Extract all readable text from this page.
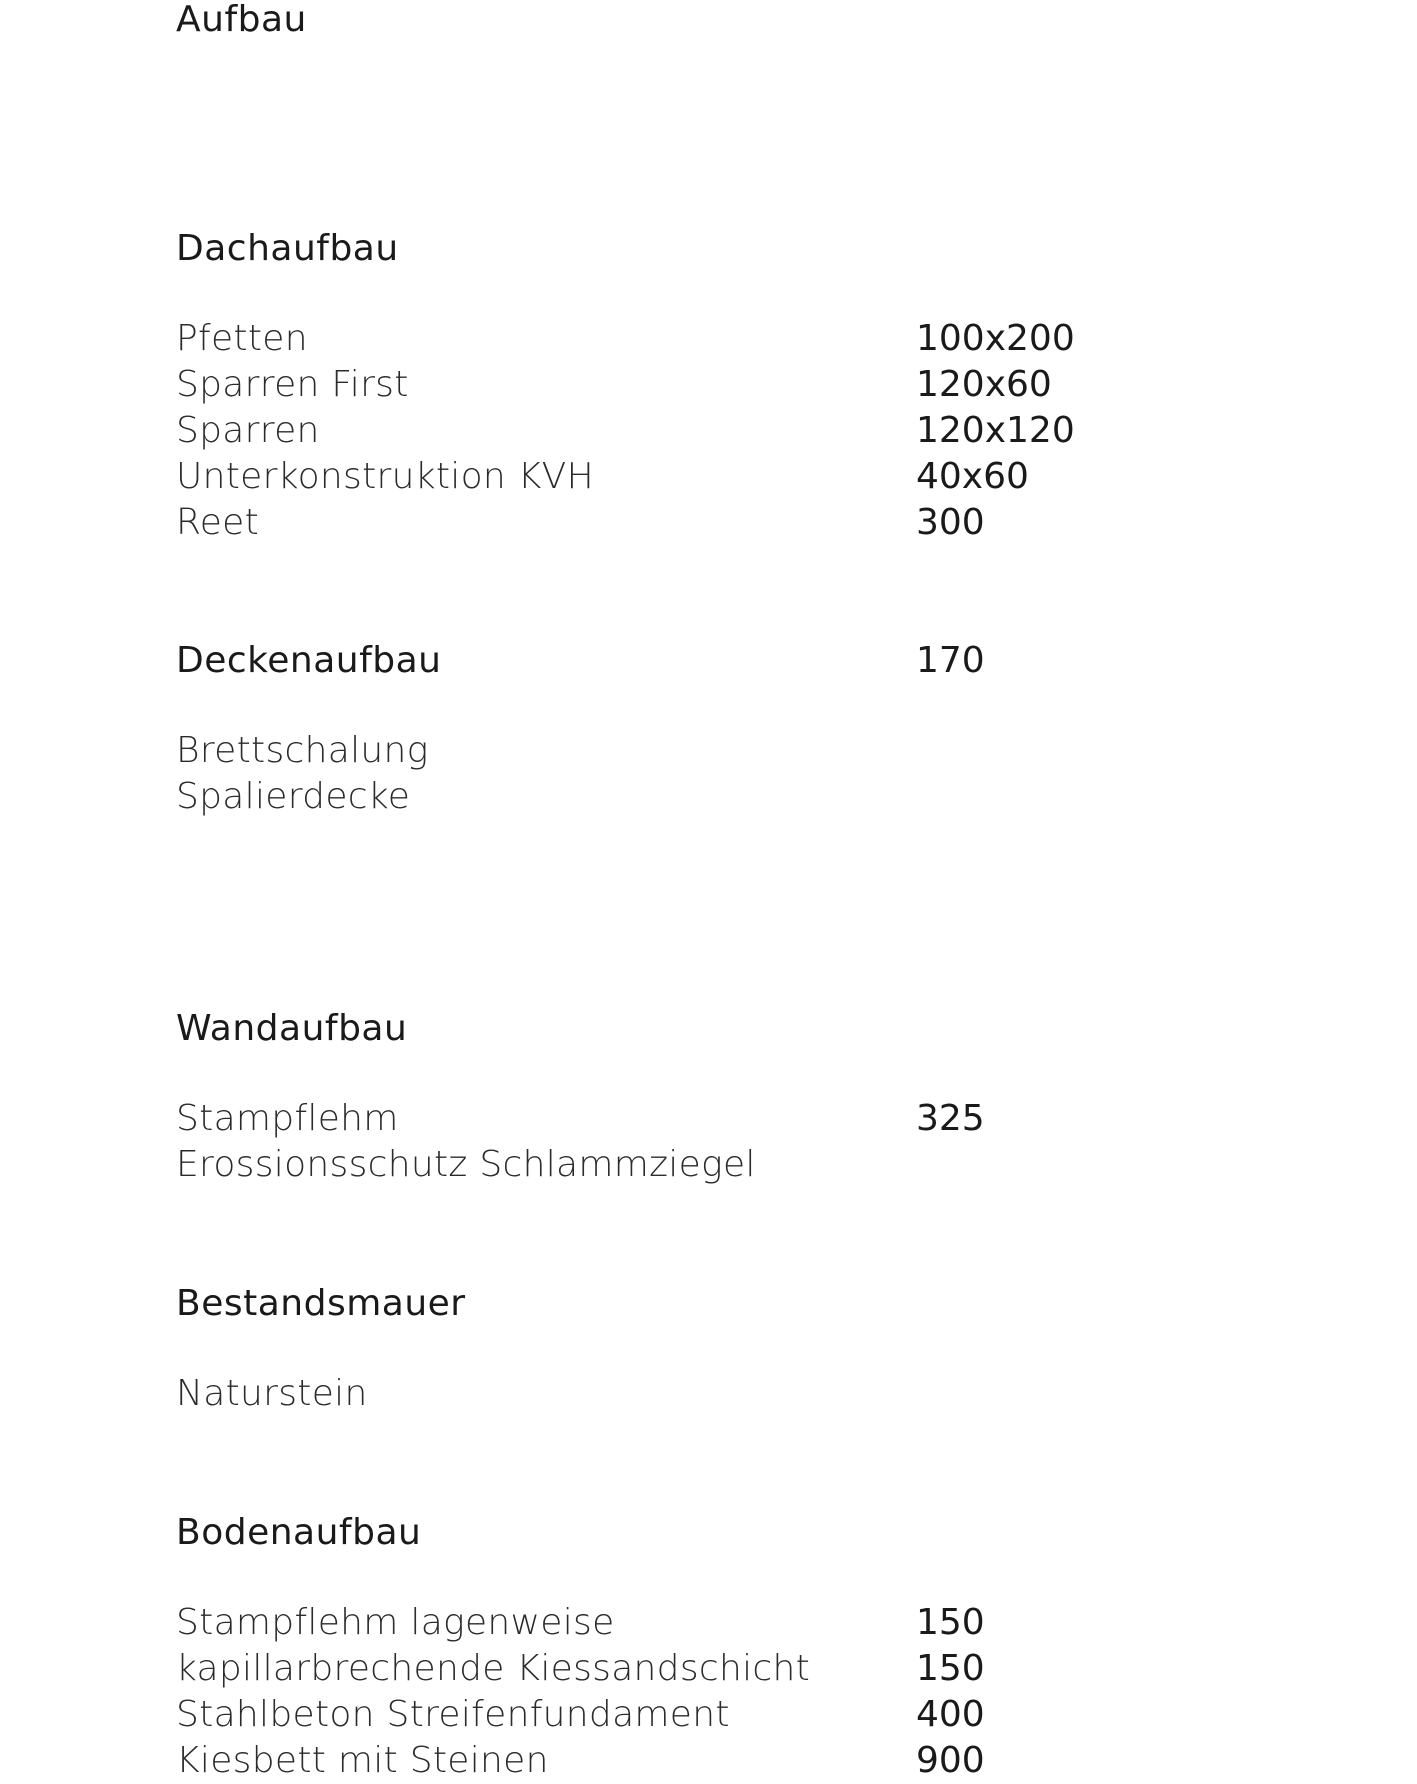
Aufbau
Dachaufbau
Pfetten	100x200
Sparren First	120x60
Sparren	120x120
Unterkonstruktion KVH	40x60
Reet	300
Deckenaufbau	170
Brettschalung
Spalierdecke
Wandaufbau
Stampflehm	325
Erossionsschutz Schlammziegel
Bestandsmauer
Naturstein
Bodenaufbau
Stampflehm lagenweise	150
kapillarbrechende Kiessandschicht	150
Stahlbeton Streifenfundament	400
Kiesbett mit Steinen	900
